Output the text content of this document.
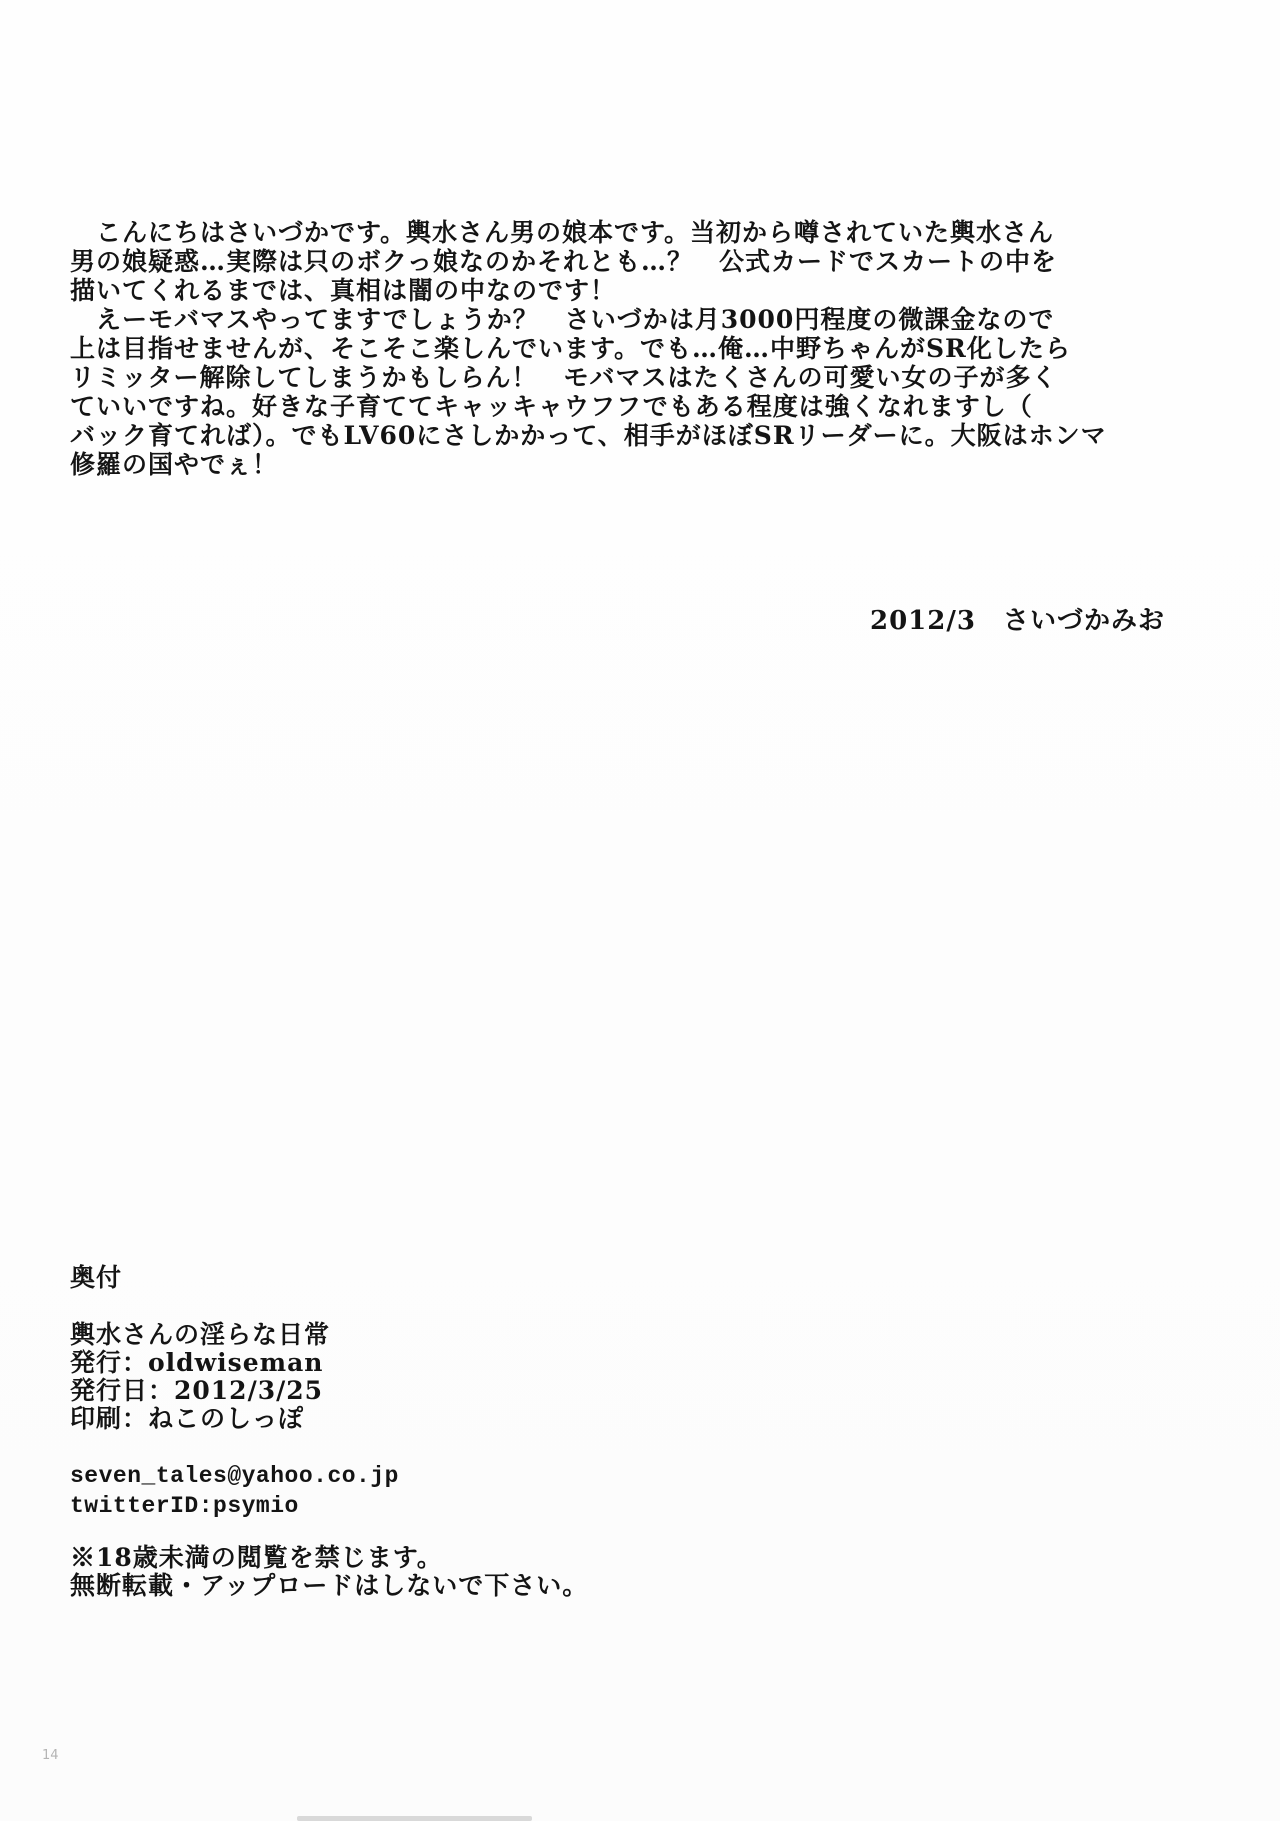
　こんにちはさいづかです。輿水さん男の娘本です。当初から噂されていた輿水さん
男の娘疑惑…実際は只のボクっ娘なのかそれとも…？　公式カードでスカートの中を
描いてくれるまでは、真相は闇の中なのです！
　えーモバマスやってますでしょうか？　さいづかは月3000円程度の微課金なので
上は目指せませんが、そこそこ楽しんでいます。でも…俺…中野ちゃんがSR化したら
リミッター解除してしまうかもしらん！　モバマスはたくさんの可愛い女の子が多く
ていいですね。好きな子育ててキャッキャウフフでもある程度は強くなれますし（
バック育てれば）。でもLV60にさしかかって、相手がほぼSRリーダーに。大阪はホンマ
修羅の国やでぇ！
2012/3　さいづかみお
奥付
輿水さんの淫らな日常
発行：oldwiseman
発行日：2012/3/25
印刷：ねこのしっぽ
seven_tales@yahoo.co.jp
twitterID:psymio
※18歳未満の閲覧を禁じます。
無断転載・アップロードはしないで下さい。
14
